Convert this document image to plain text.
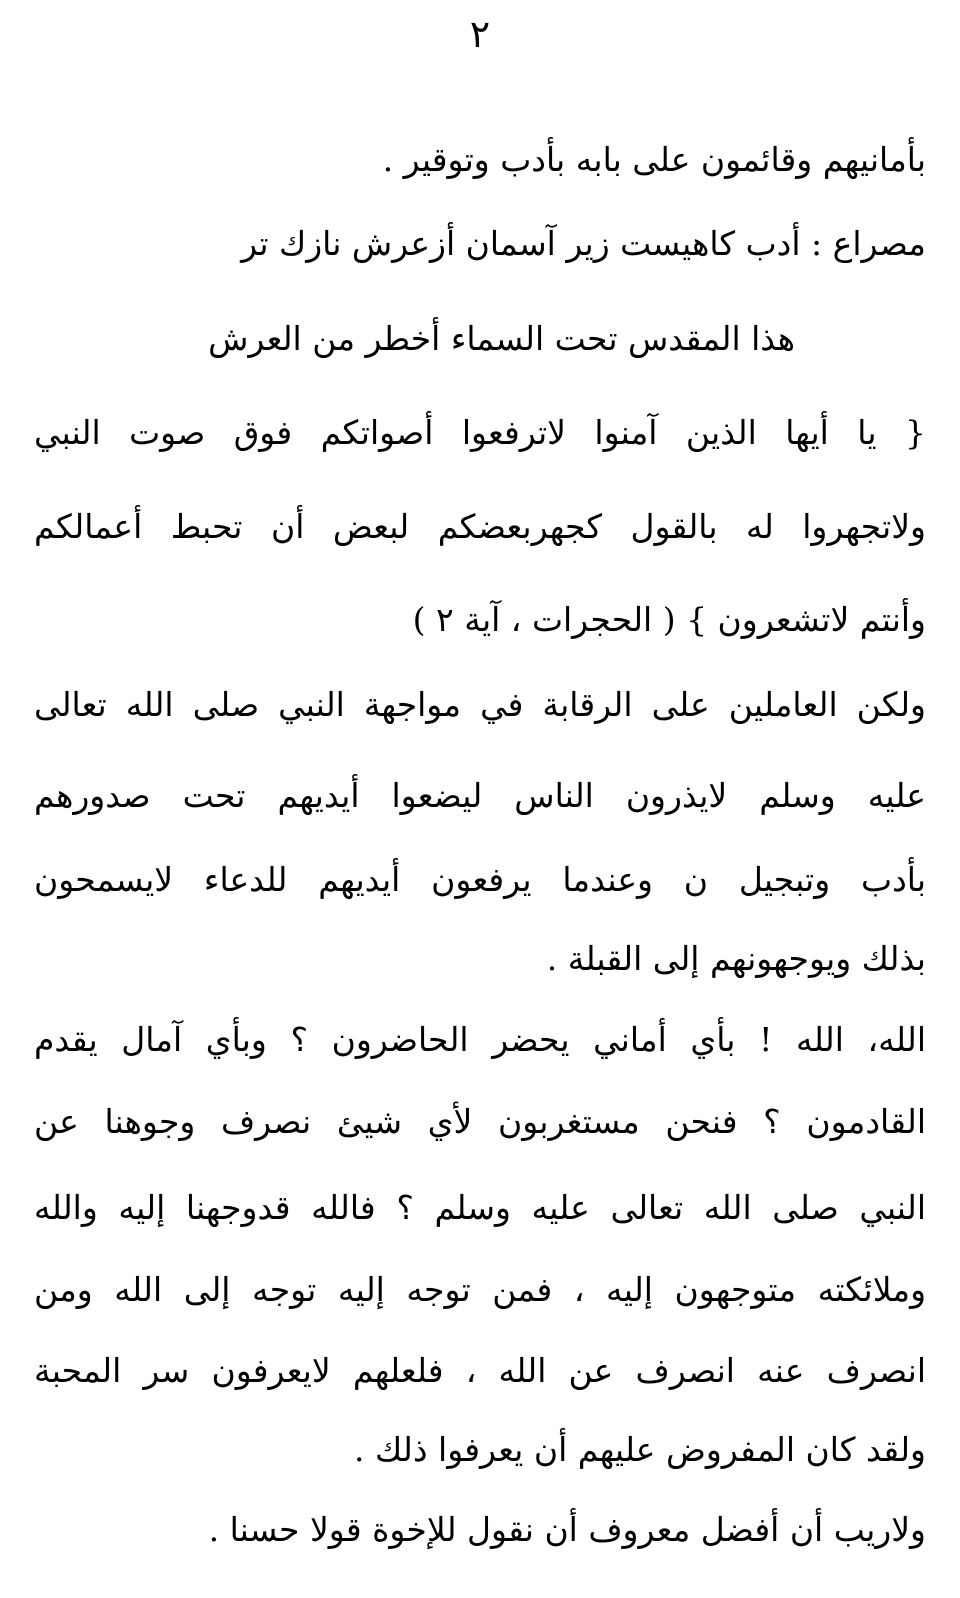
٢
بأمانيهم وقائمون على بابه بأدب وتوقير .
مصراع : أدب كاهيست زير آسمان أزعرش نازك تر
هذا المقدس تحت السماء أخطر من العرش
{ يا أيها الذين آمنوا لاترفعوا أصواتكم فوق صوت النبي
ولاتجهروا له بالقول كجهربعضكم لبعض أن تحبط أعمالكم
وأنتم لاتشعرون } ( الحجرات ، آية ٢ )
ولكن العاملين على الرقابة في مواجهة النبي صلى الله تعالى
عليه وسلم لايذرون الناس ليضعوا أيديهم تحت صدورهم
بأدب وتبجيل ن وعندما يرفعون أيديهم للدعاء لايسمحون
بذلك ويوجهونهم إلى القبلة .
الله، الله ! بأي أماني يحضر الحاضرون ؟ وبأي آمال يقدم
القادمون ؟ فنحن مستغربون لأي شيئ نصرف وجوهنا عن
النبي صلى الله تعالى عليه وسلم ؟ فالله قدوجهنا إليه والله
وملائكته متوجهون إليه ، فمن توجه إليه توجه إلى الله ومن
انصرف عنه انصرف عن الله ، فلعلهم لايعرفون سر المحبة
ولقد كان المفروض عليهم أن يعرفوا ذلك .
ولاريب أن أفضل معروف أن نقول للإخوة قولا حسنا .
